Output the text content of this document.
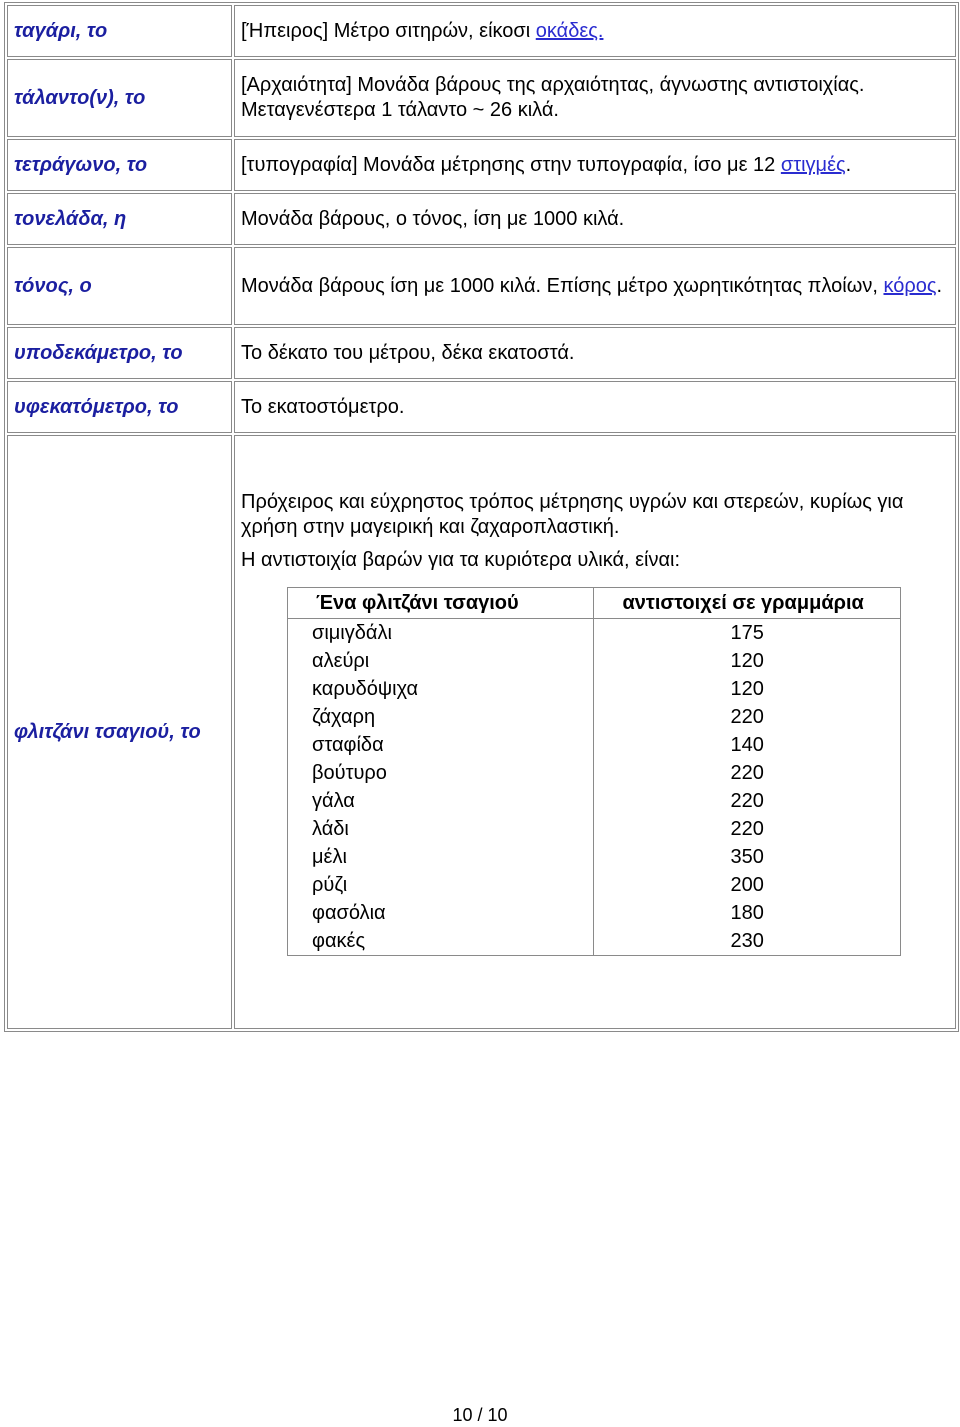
ταγάρι, το	[Ήπειρος] Μέτρο σιτηρών, είκοσι οκάδες.
τάλαντο(ν), το	[Αρχαιότητα] Μονάδα βάρους της αρχαιότητας, άγνωστης αντιστοιχίας. Μεταγενέστερα 1 τάλαντο ~ 26 κιλά.
τετράγωνο, το	[τυπογραφία] Μονάδα μέτρησης στην τυπογραφία, ίσο με 12 στιγμές.
τονελάδα, η	Μονάδα βάρους, ο τόνος, ίση με 1000 κιλά.
τόνος, ο	Μονάδα βάρους ίση με 1000 κιλά. Επίσης μέτρο χωρητικότητας πλοίων, κόρος.
υποδεκάμετρο, το	Το δέκατο του μέτρου, δέκα εκατοστά.
υφεκατόμετρο, το	Το εκατοστόμετρο.
φλιτζάνι τσαγιού, το	

Πρόχειρος και εύχρηστος τρόπος μέτρησης υγρών και στερεών, κυρίως για χρήση στην μαγειρική και ζαχαροπλαστική.

Η αντιστοιχία βαρών για τα κυριότερα υλικά, είναι:

Ένα φλιτζάνι τσαγιού	αντιστοιχεί σε γραμμάρια
σιμιγδάλι	175
αλεύρι	120
καρυδόψιχα	120
ζάχαρη	220
σταφίδα	140
βούτυρο	220
γάλα	220
λάδι	220
μέλι	350
ρύζι	200
φασόλια	180
φακές	230
10 / 10
